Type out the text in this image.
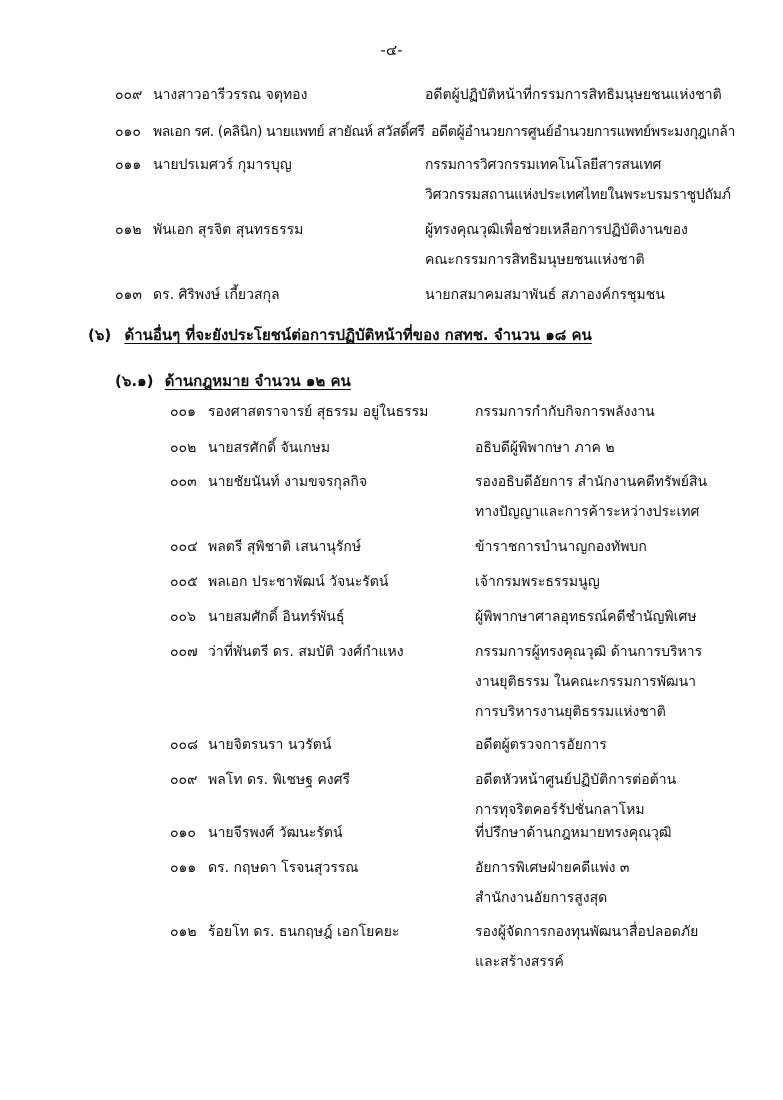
-๔-
๐๐๙ นางสาวอารีวรรณ จตุทอง	อดีตผู้ปฏิบัติหน้าที่กรรมการสิทธิมนุษยชนแห่งชาติ
๐๑๐ พลเอก รศ. (คลินิก) นายแพทย์ สายัณห์ สวัสดิ์ศรี อดีตผู้อำนวยการศูนย์อำนวยการแพทย์พระมงกุฎเกล้า
๐๑๑ นายปรเมศวร์ กุมารบุญ	กรรมการวิศวกรรมเทคโนโลยีสารสนเทศ
วิศวกรรมสถานแห่งประเทศไทยในพระบรมราชูปถัมภ์
๐๑๒ พันเอก สุรจิต สุนทรธรรม	ผู้ทรงคุณวุฒิเพื่อช่วยเหลือการปฏิบัติงานของ
คณะกรรมการสิทธิมนุษยชนแห่งชาติ
๐๑๓ ดร. ศิริพงษ์ เกี้ยวสกุล	นายกสมาคมสมาพันธ์ สภาองค์กรชุมชน
(๖) ด้านอื่นๆ ที่จะยังประโยชน์ต่อการปฏิบัติหน้าที่ของ กสทช. จำนวน ๑๘ คน
(๖.๑) ด้านกฎหมาย จำนวน ๑๒ คน
๐๐๑ รองศาสตราจารย์ สุธรรม อยู่ในธรรม	กรรมการกำกับกิจการพลังงาน
๐๐๒ นายสรศักดิ์ จันเกษม	อธิบดีผู้พิพากษา ภาค ๒
๐๐๓ นายชัยนันท์ งามขจรกุลกิจ	รองอธิบดีอัยการ สำนักงานคดีทรัพย์สิน
ทางปัญญาและการค้าระหว่างประเทศ
๐๐๔ พลตรี สุพิชาติ เสนานุรักษ์	ข้าราชการบำนาญกองทัพบก
๐๐๕ พลเอก ประชาพัฒน์ วัจนะรัตน์	เจ้ากรมพระธรรมนูญ
๐๐๖ นายสมศักดิ์ อินทร์พันธุ์	ผู้พิพากษาศาลอุทธรณ์คดีชำนัญพิเศษ
๐๐๗ ว่าที่พันตรี ดร. สมบัติ วงศ์กำแหง	กรรมการผู้ทรงคุณวุฒิ ด้านการบริหาร
งานยุติธรรม ในคณะกรรมการพัฒนา
การบริหารงานยุติธรรมแห่งชาติ
๐๐๘ นายจิตรนรา นวรัตน์	อดีตผู้ตรวจการอัยการ
๐๐๙ พลโท ดร. พิเชษฐ คงศรี	อดีตหัวหน้าศูนย์ปฏิบัติการต่อต้าน
การทุจริตคอร์รัปชั่นกลาโหม
๐๑๐ นายจีรพงศ์ วัฒนะรัตน์	ที่ปรึกษาด้านกฎหมายทรงคุณวุฒิ
๐๑๑ ดร. กฤษดา โรจนสุวรรณ	อัยการพิเศษฝ่ายคดีแพ่ง ๓
สำนักงานอัยการสูงสุด
๐๑๒ ร้อยโท ดร. ธนกฤษฎ์ เอกโยคยะ	รองผู้จัดการกองทุนพัฒนาสื่อปลอดภัย
และสร้างสรรค์
